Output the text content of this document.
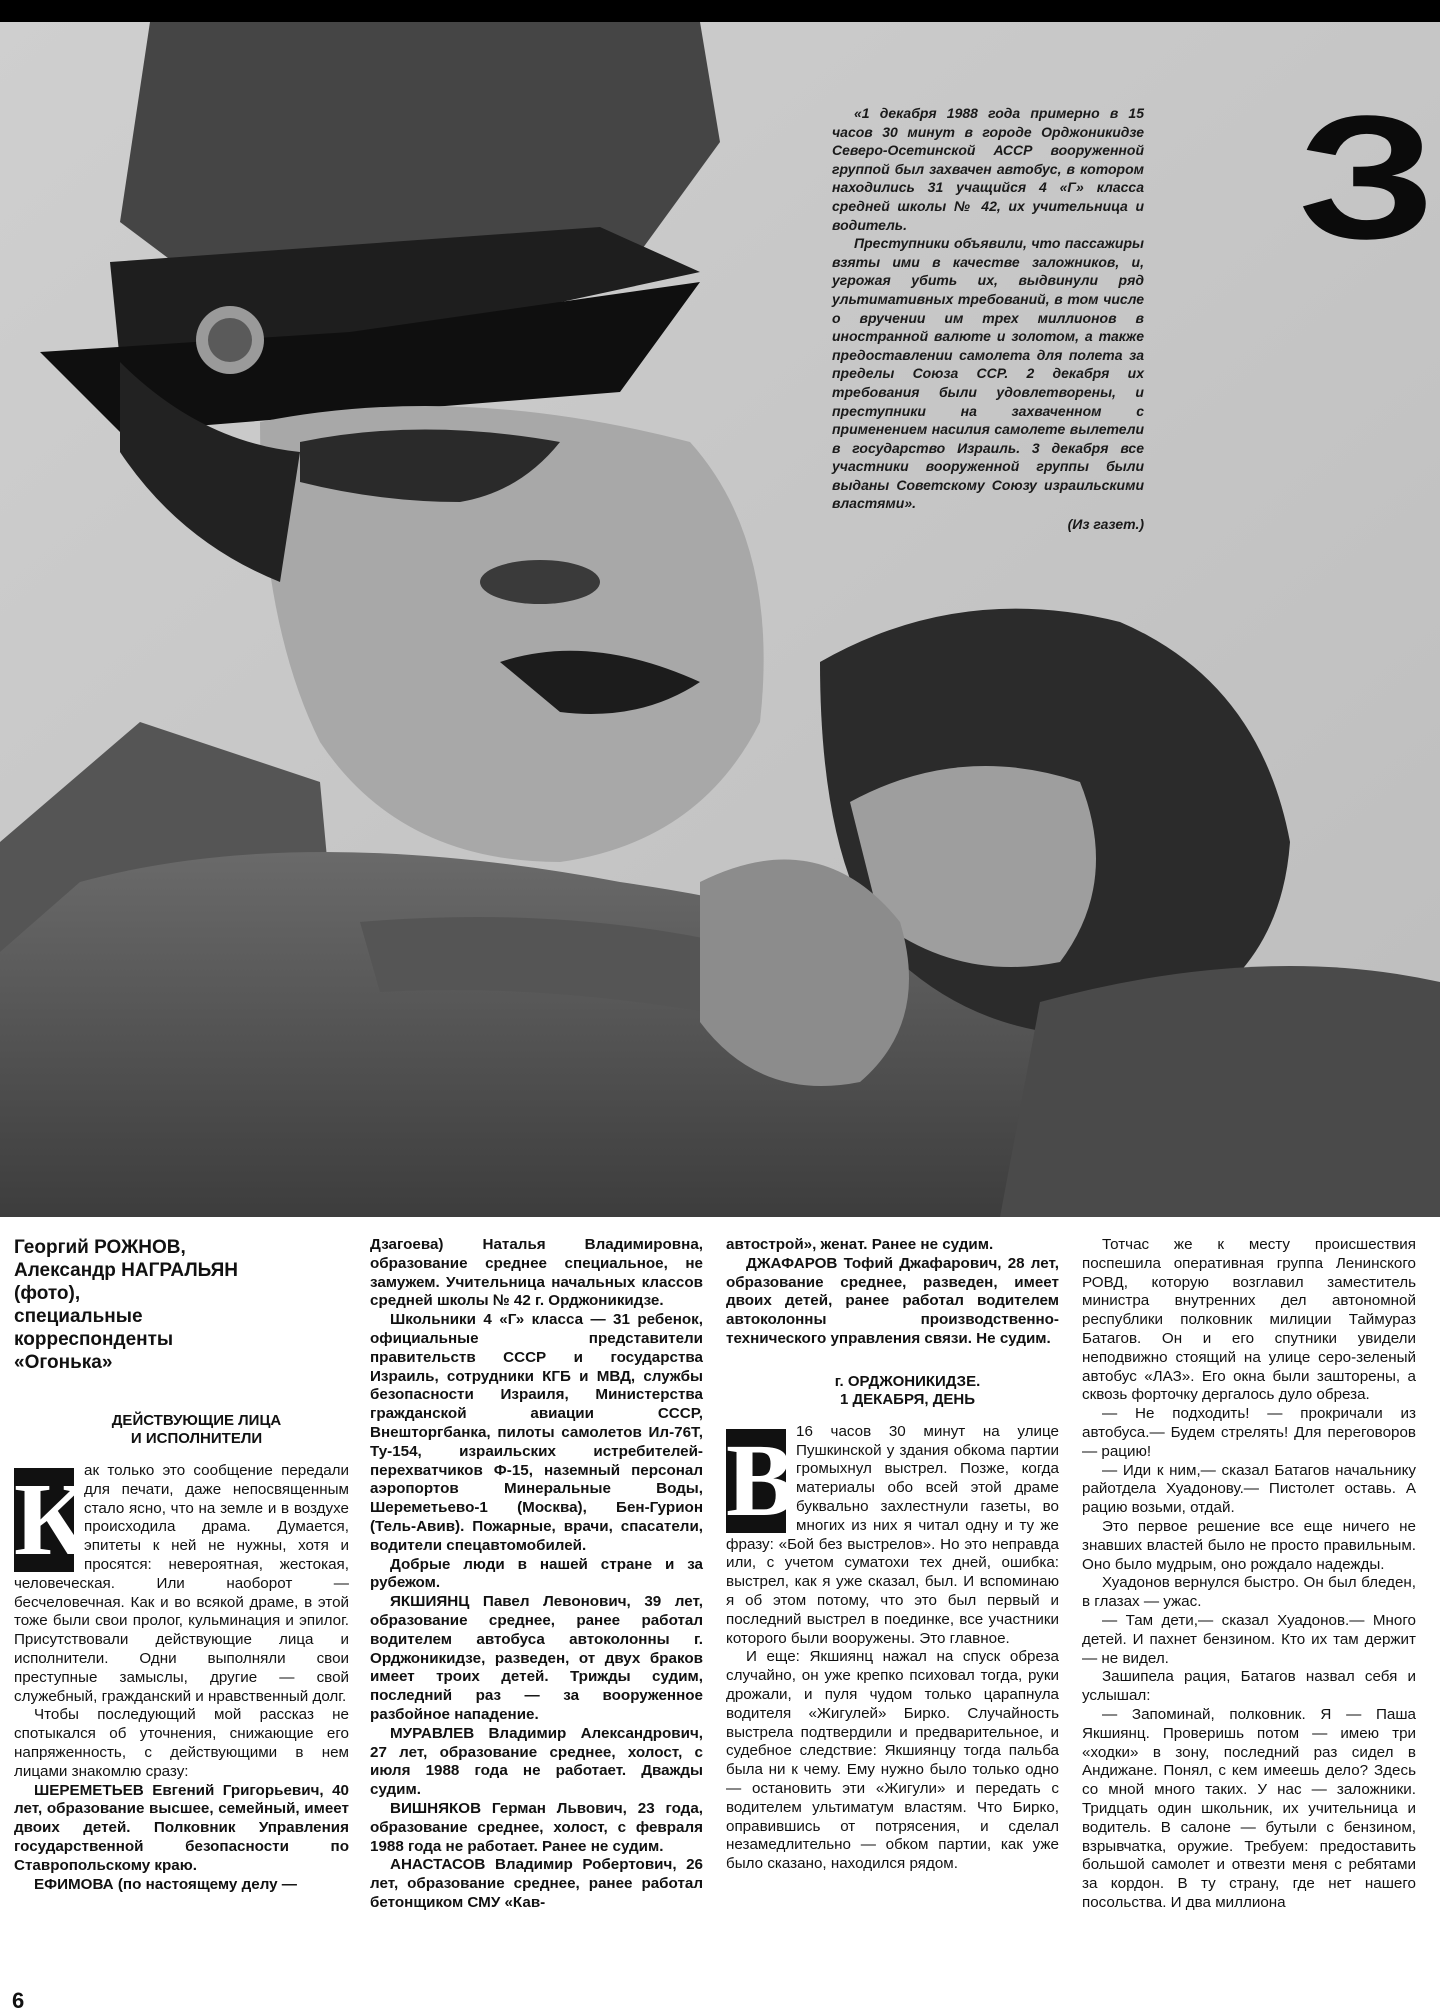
«1 декабря 1988 года примерно в 15 часов 30 минут в городе Орджоникидзе Северо-Осетинской АССР вооруженной группой был захвачен автобус, в котором находились 31 учащийся 4 «Г» класса средней школы № 42, их учительница и водитель.

Преступники объявили, что пассажиры взяты ими в качестве заложников, и, угрожая убить их, выдвинули ряд ультимативных требований, в том числе о вручении им трех миллионов в иностранной валюте и золотом, а также предоставлении самолета для полета за пределы Союза ССР. 2 декабря их требования были удовлетворены, и преступники на захваченном с применением насилия самолете вылетели в государство Израиль. 3 декабря все участники вооруженной группы были выданы Советскому Союзу израильскими властями».

(Из газет.)

З
Георгий РОЖНОВ,
Александр НАГРАЛЬЯН
(фото),
специальные
корреспонденты
«Огонька»
ДЕЙСТВУЮЩИЕ ЛИЦА
И ИСПОЛНИТЕЛИ

К
ак только это сообщение передали для печати, даже непосвященным стало ясно, что на земле и в воздухе происходила драма. Думается, эпитеты к ней не нужны, хотя и просятся: невероятная, жестокая, человеческая. Или наоборот — бесчеловечная. Как и во всякой драме, в этой тоже были свои пролог, кульминация и эпилог. Присутствовали действующие лица и исполнители. Одни выполняли свои преступные замыслы, другие — свой служебный, гражданский и нравственный долг.

Чтобы последующий мой рассказ не спотыкался об уточнения, снижающие его напряженность, с действующими в нем лицами знакомлю сразу:

ШЕРЕМЕТЬЕВ Евгений Григорьевич, 40 лет, образование высшее, семейный, имеет двоих детей. Полковник Управления государственной безопасности по Ставропольскому краю.

ЕФИМОВА (по настоящему делу —

Дзагоева) Наталья Владимировна, образование среднее специальное, не замужем. Учительница начальных классов средней школы № 42 г. Орджоникидзе.

Школьники 4 «Г» класса — 31 ребенок, официальные представители правительств СССР и государства Израиль, сотрудники КГБ и МВД, службы безопасности Израиля, Министерства гражданской авиации СССР, Внешторгбанка, пилоты самолетов Ил-76Т, Ту-154, израильских истребителей-перехватчиков Ф-15, наземный персонал аэропортов Минеральные Воды, Шереметьево-1 (Москва), Бен-Гурион (Тель-Авив). Пожарные, врачи, спасатели, водители спецавтомобилей.

Добрые люди в нашей стране и за рубежом.

ЯКШИЯНЦ Павел Левонович, 39 лет, образование среднее, ранее работал водителем автобуса автоколонны г. Орджоникидзе, разведен, от двух браков имеет троих детей. Трижды судим, последний раз — за вооруженное разбойное нападение.

МУРАВЛЕВ Владимир Александрович, 27 лет, образование среднее, холост, с июля 1988 года не работает. Дважды судим.

ВИШНЯКОВ Герман Львович, 23 года, образование среднее, холост, с февраля 1988 года не работает. Ранее не судим.

АНАСТАСОВ Владимир Робертович, 26 лет, образование среднее, ранее работал бетонщиком СМУ «Кав-

автострой», женат. Ранее не судим.

ДЖАФАРОВ Тофий Джафарович, 28 лет, образование среднее, разведен, имеет двоих детей, ранее работал водителем автоколонны производственно-технического управления связи. Не судим.

г. ОРДЖОНИКИДЗЕ.
1 ДЕКАБРЯ, ДЕНЬ

В 16 часов 30 минут на улице Пушкинской у здания обкома партии громыхнул выстрел. Позже, когда материалы обо всей этой драме буквально захлестнули газеты, во многих из них я читал одну и ту же фразу: «Бой без выстрелов». Но это неправда или, с учетом суматохи тех дней, ошибка: выстрел, как я уже сказал, был. И вспоминаю я об этом потому, что это был первый и последний выстрел в поединке, все участники которого были вооружены. Это главное.

И еще: Якшиянц нажал на спуск обреза случайно, он уже крепко психовал тогда, руки дрожали, и пуля чудом только царапнула водителя «Жигулей» Бирко. Случайность выстрела подтвердили и предварительное, и судебное следствие: Якшиянцу тогда пальба была ни к чему. Ему нужно было только одно — остановить эти «Жигули» и передать с водителем ультиматум властям. Что Бирко, оправившись от потрясения, и сделал незамедлительно — обком партии, как уже было сказано, находился рядом.

Тотчас же к месту происшествия поспешила оперативная группа Ленинского РОВД, которую возглавил заместитель министра внутренних дел автономной республики полковник милиции Таймураз Батагов. Он и его спутники увидели неподвижно стоящий на улице серо-зеленый автобус «ЛАЗ». Его окна были зашторены, а сквозь форточку дергалось дуло обреза.

— Не подходить! — прокричали из автобуса.— Будем стрелять! Для переговоров — рацию!

— Иди к ним,— сказал Батагов начальнику райотдела Хуадонову.— Пистолет оставь. А рацию возьми, отдай.

Это первое решение все еще ничего не знавших властей было не просто правильным. Оно было мудрым, оно рождало надежды.

Хуадонов вернулся быстро. Он был бледен, в глазах — ужас.

— Там дети,— сказал Хуадонов.— Много детей. И пахнет бензином. Кто их там держит — не видел.

Зашипела рация, Батагов назвал себя и услышал:

— Запоминай, полковник. Я — Паша Якшиянц. Проверишь потом — имею три «ходки» в зону, последний раз сидел в Андижане. Понял, с кем имеешь дело? Здесь со мной много таких. У нас — заложники. Тридцать один школьник, их учительница и водитель. В салоне — бутыли с бензином, взрывчатка, оружие. Требуем: предоставить большой самолет и отвезти меня с ребятами за кордон. В ту страну, где нет нашего посольства. И два миллиона

6
